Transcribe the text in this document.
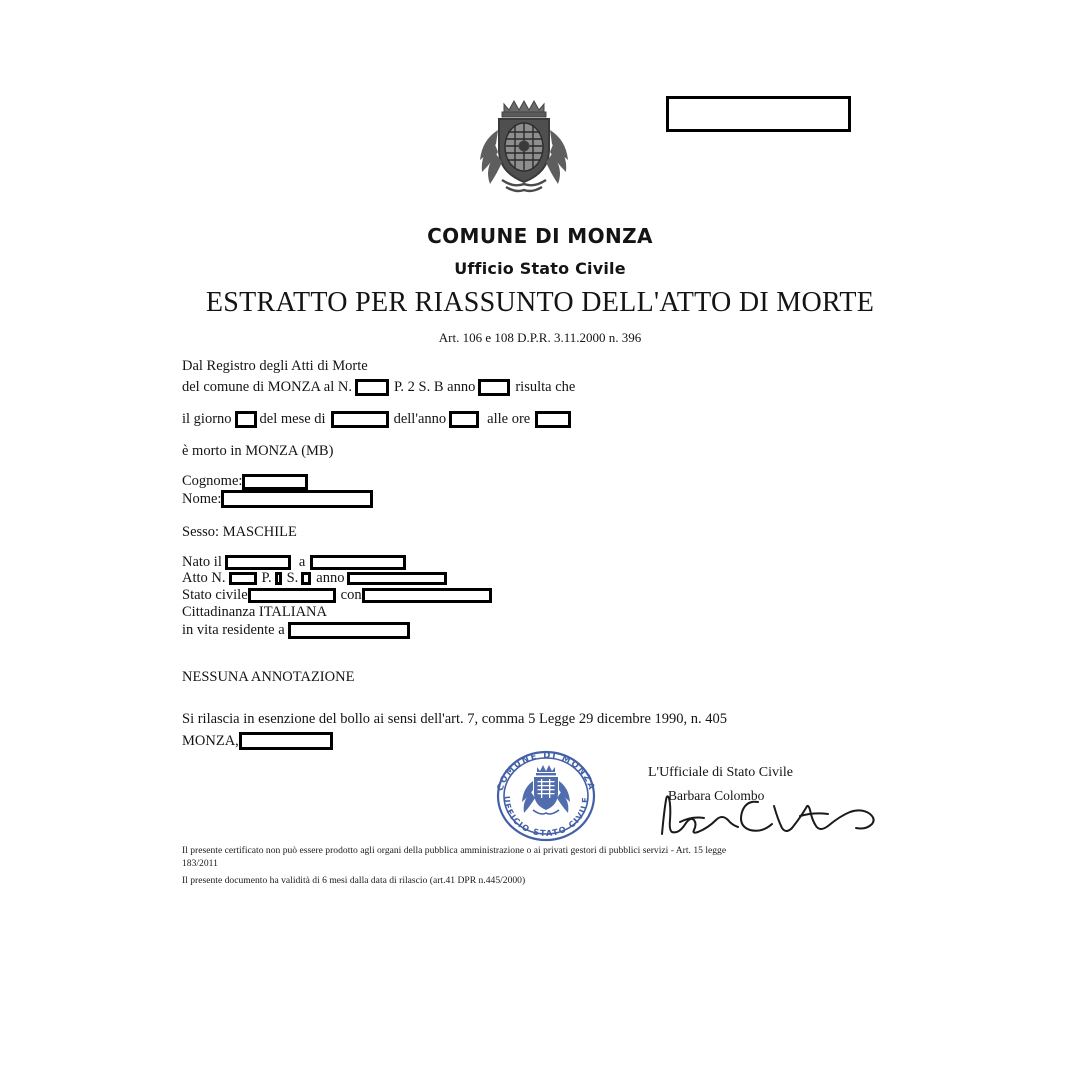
COMUNE DI MONZA
Ufficio Stato Civile
ESTRATTO PER RIASSUNTO DELL'ATTO DI MORTE
Art. 106 e 108 D.P.R. 3.11.2000 n. 396
Dal Registro degli Atti di Morte
del comune di MONZA al N.	P. 2 S. B anno	risulta che
il giorno del mese di	dell'anno	alle ore
è morto in MONZA (MB)
Cognome:
Nome:
Sesso: MASCHILE
Nato il	a
Atto N. P. S. anno
Stato civile	con
Cittadinanza ITALIANA
in vita residente a
NESSUNA ANNOTAZIONE
Si rilascia in esenzione del bollo ai sensi dell'art. 7, comma 5 Legge 29 dicembre 1990, n. 405
MONZA,
COMUNE DI MONZA
UFFICIO STATO CIVILE
L'Ufficiale di Stato Civile
Barbara Colombo
Il presente certificato non può essere prodotto agli organi della pubblica amministrazione o ai privati gestori di pubblici servizi - Art. 15 legge
183/2011
Il presente documento ha validità di 6 mesi dalla data di rilascio (art.41 DPR n.445/2000)
